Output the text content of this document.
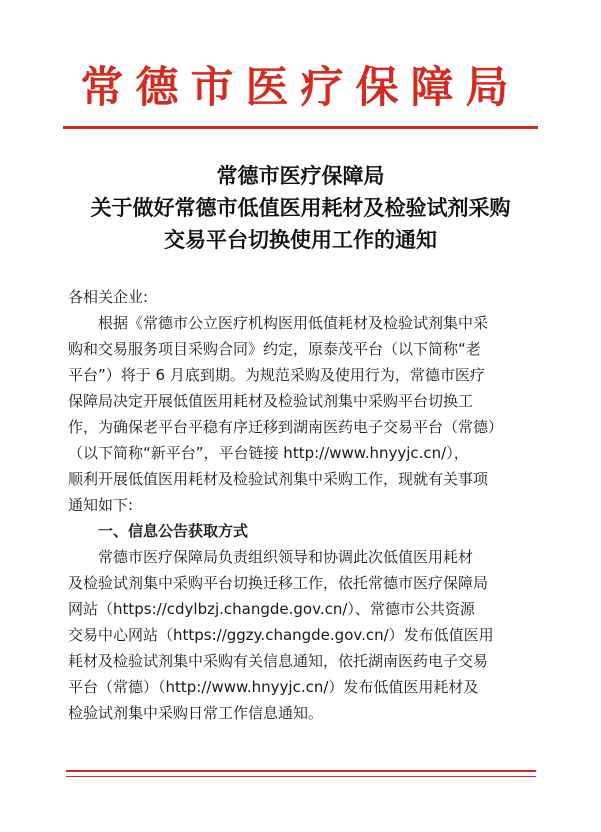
常德市医疗保障局
常德市医疗保障局
关于做好常德市低值医用耗材及检验试剂采购
交易平台切换使用工作的通知
各相关企业:
根据《常德市公立医疗机构医用低值耗材及检验试剂集中采
购和交易服务项目采购合同》约定，原泰茂平台（以下简称“老
平台”）将于 6 月底到期。为规范采购及使用行为，常德市医疗
保障局决定开展低值医用耗材及检验试剂集中采购平台切换工
作，为确保老平台平稳有序迁移到湖南医药电子交易平台（常德）
（以下简称“新平台”，平台链接 http://www.hnyyjc.cn/），
顺利开展低值医用耗材及检验试剂集中采购工作，现就有关事项
通知如下:
一、信息公告获取方式
常德市医疗保障局负责组织领导和协调此次低值医用耗材
及检验试剂集中采购平台切换迁移工作，依托常德市医疗保障局
网站（https://cdylbzj.changde.gov.cn/）、常德市公共资源
交易中心网站（https://ggzy.changde.gov.cn/）发布低值医用
耗材及检验试剂集中采购有关信息通知，依托湖南医药电子交易
平台（常德）（http://www.hnyyjc.cn/）发布低值医用耗材及
检验试剂集中采购日常工作信息通知。
